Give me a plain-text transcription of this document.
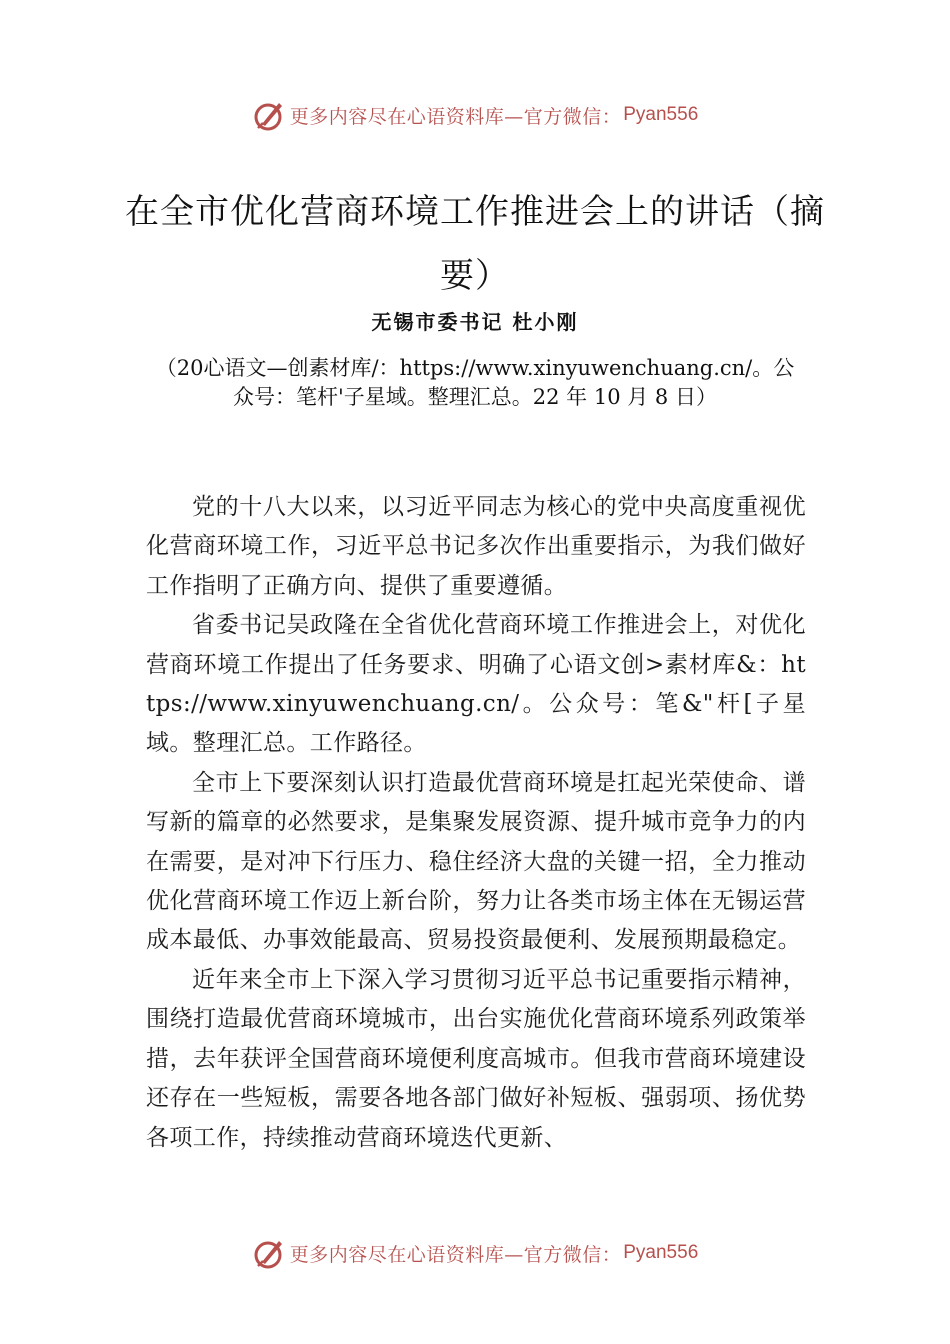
更多内容尽在心语资料库—官方微信： Pyan556
在全市优化营商环境工作推进会上的讲话（摘要）
无锡市委书记 杜小刚
（20心语文—创素材库/：https://www.xinyuwenchuang.cn/。公众号：笔杆'子星域。整理汇总。22 年 10 月 8 日）

党的十八大以来，以习近平同志为核心的党中央高度重视优化营商环境工作，习近平总书记多次作出重要指示，为我们做好工作指明了正确方向、提供了重要遵循。

省委书记吴政隆在全省优化营商环境工作推进会上，对优化营商环境工作提出了任务要求、明确了心语文创>素材库&：https://www.xinyuwenchuang.cn/。公众号：笔&"杆[子星域。整理汇总。工作路径。

全市上下要深刻认识打造最优营商环境是扛起光荣使命、谱写新的篇章的必然要求，是集聚发展资源、提升城市竞争力的内在需要，是对冲下行压力、稳住经济大盘的关键一招，全力推动优化营商环境工作迈上新台阶，努力让各类市场主体在无锡运营成本最低、办事效能最高、贸易投资最便利、发展预期最稳定。

近年来全市上下深入学习贯彻习近平总书记重要指示精神，围绕打造最优营商环境城市，出台实施优化营商环境系列政策举措，去年获评全国营商环境便利度高城市。但我市营商环境建设还存在一些短板，需要各地各部门做好补短板、强弱项、扬优势各项工作，持续推动营商环境迭代更新、

更多内容尽在心语资料库—官方微信： Pyan556
